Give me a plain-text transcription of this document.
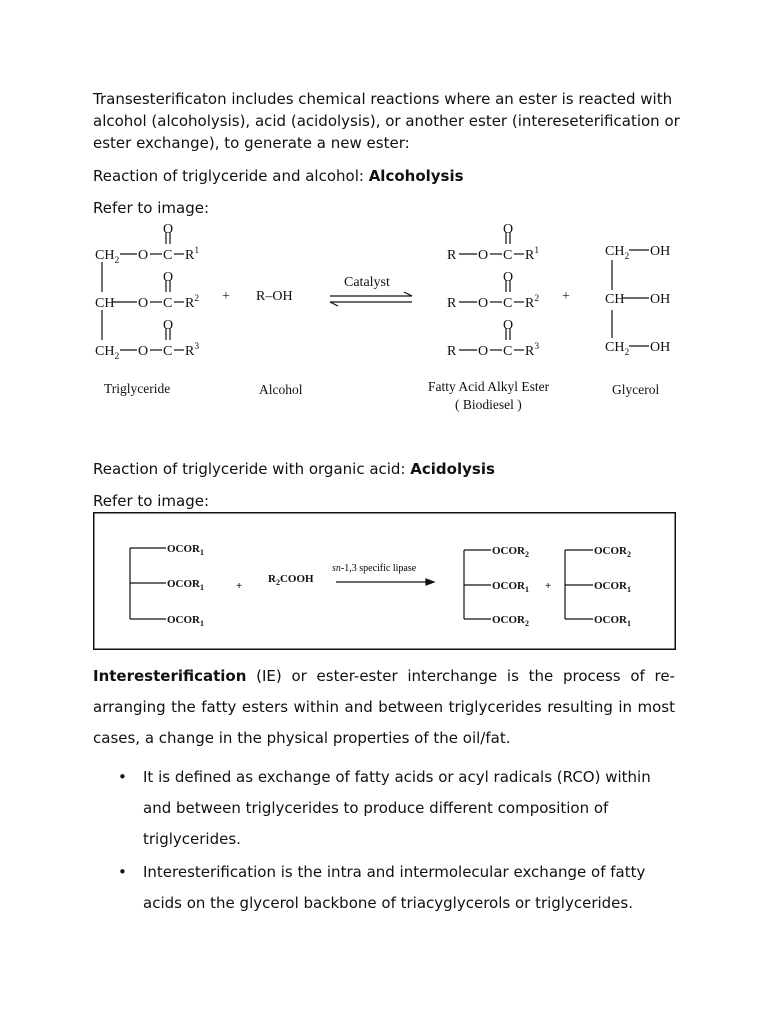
Transesterificaton includes chemical reactions where an ester is reacted with alcohol (alcoholysis), acid (acidolysis), or another ester (intereseterification or ester exchange), to generate a new ester:

Reaction of triglyceride and alcohol: Alcoholysis

Refer to image:

$CH_2$ O C
O
$R^1$
CH O C
O
$R^2$
$CH_2$ O C
O
$R^3$
+ R–OH
Catalyst
R O C
O
$R^1$
R O C
O
$R^2$
R O C
O
$R^3$
+
$CH_2$ OH
CH OH
$CH_2$ OH
Triglyceride	Alcohol	Fatty Acid Alkyl Ester
( Biodiesel )
Glycerol

Reaction of triglyceride with organic acid: Acidolysis

Refer to image:

OCOR1
OCOR1
OCOR1
+
R2COOH
sn-1,3 specific lipase
OCOR2
OCOR1
OCOR2
+
OCOR2
OCOR1
OCOR1

Interesterification (IE) or ester-ester interchange is the process of re-arranging the fatty esters within and between triglycerides resulting in most cases, a change in the physical properties of the oil/fat.

• It is defined as exchange of fatty acids or acyl radicals (RCO) within and between triglycerides to produce different composition of triglycerides.
• Interesterification is the intra and intermolecular exchange of fatty acids on the glycerol backbone of triacyglycerols or triglycerides.
